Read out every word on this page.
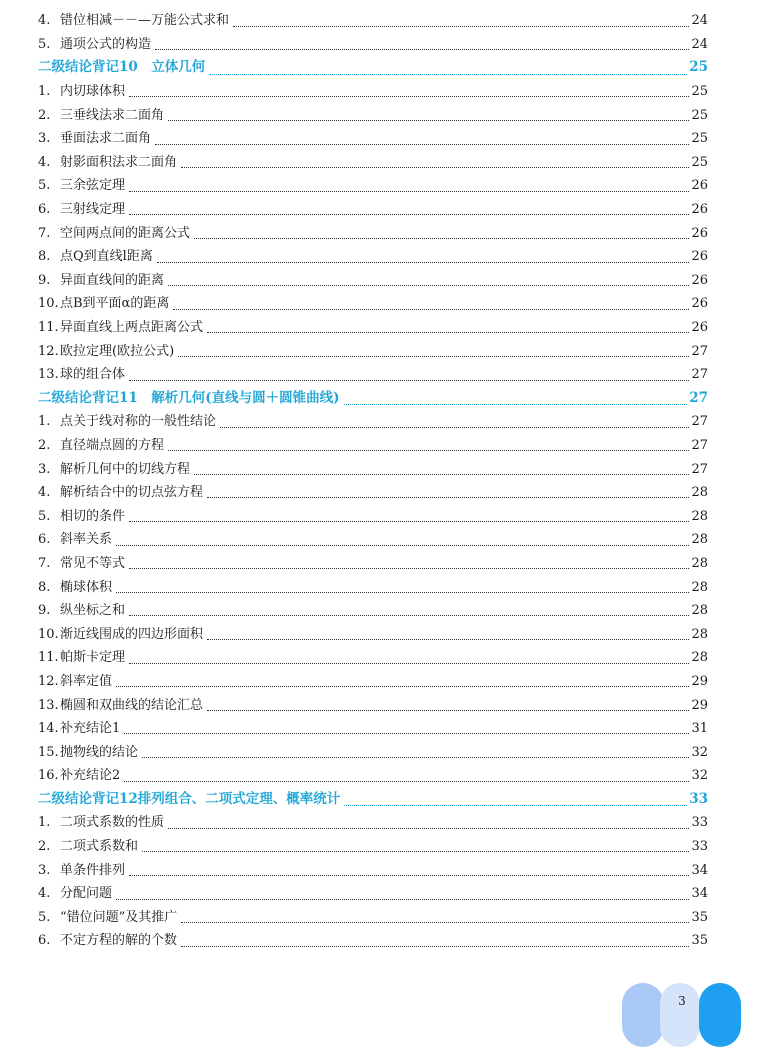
4. 错位相减－－—万能公式求和	24
5. 通项公式的构造	24
二级结论背记10　立体几何	25
1. 内切球体积	25
2. 三垂线法求二面角	25
3. 垂面法求二面角	25
4. 射影面积法求二面角	25
5. 三余弦定理	26
6. 三射线定理	26
7. 空间两点间的距离公式	26
8. 点Q到直线l距离	26
9. 异面直线间的距离	26
10. 点B到平面α的距离	26
11. 异面直线上两点距离公式	26
12. 欧拉定理(欧拉公式)	27
13. 球的组合体	27
二级结论背记11　解析几何(直线与圆＋圆锥曲线)	27
1. 点关于线对称的一般性结论	27
2. 直径端点圆的方程	27
3. 解析几何中的切线方程	27
4. 解析结合中的切点弦方程	28
5. 相切的条件	28
6. 斜率关系	28
7. 常见不等式	28
8. 椭球体积	28
9. 纵坐标之和	28
10. 渐近线围成的四边形面积	28
11. 帕斯卡定理	28
12. 斜率定值	29
13. 椭圆和双曲线的结论汇总	29
14. 补充结论1	31
15. 抛物线的结论	32
16. 补充结论2	32
二级结论背记12排列组合、二项式定理、概率统计	33
1. 二项式系数的性质	33
2. 二项式系数和	33
3. 单条件排列	34
4. 分配问题	34
5. “错位问题”及其推广	35
6. 不定方程的解的个数	35
3
